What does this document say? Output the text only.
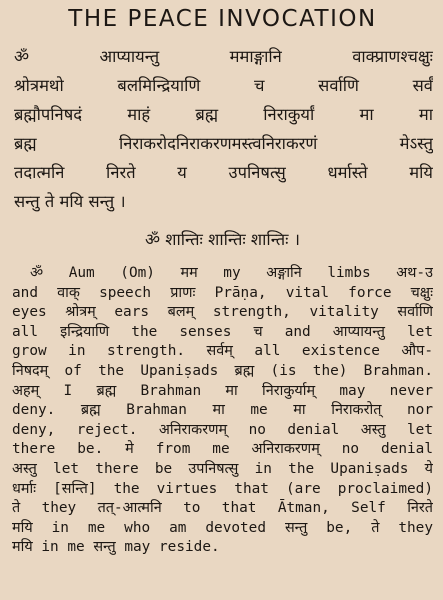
THE PEACE INVOCATION
ॐ आप्यायन्तु ममाङ्गानि वाक्प्राणश्चक्षुः
श्रोत्रमथो बलमिन्द्रियाणि च सर्वाणि सर्वं
ब्रह्मौपनिषदं माहं ब्रह्म निराकुर्यां मा मा
ब्रह्म निराकरोदनिराकरणमस्त्वनिराकरणं मेऽस्तु
तदात्मनि निरते य उपनिषत्सु धर्मास्ते मयि
सन्तु ते मयि सन्तु ।
ॐ शान्तिः शान्तिः शान्तिः ।
ॐ Aum (Om) मम my अङ्गानि limbs अथ-उ
and वाक् speech प्राणः Prāṇa, vital force चक्षुः
eyes श्रोत्रम् ears बलम् strength, vitality सर्वाणि
all इन्द्रियाणि the senses च and आप्यायन्तु let
grow in strength. सर्वम् all existence औप-
निषदम् of the Upaniṣads ब्रह्म (is the) Brahman.
अहम् I ब्रह्म Brahman मा निराकुर्याम् may never
deny. ब्रह्म Brahman मा me मा निराकरोत् nor
deny, reject. अनिराकरणम् no denial अस्तु let
there be. मे from me अनिराकरणम् no denial
अस्तु let there be उपनिषत्सु in the Upaniṣads ये
धर्माः [सन्ति] the virtues that (are proclaimed)
ते they तत्-आत्मनि to that Ātman, Self निरते
मयि in me who am devoted सन्तु be, ते they
मयि in me सन्तु may reside.
